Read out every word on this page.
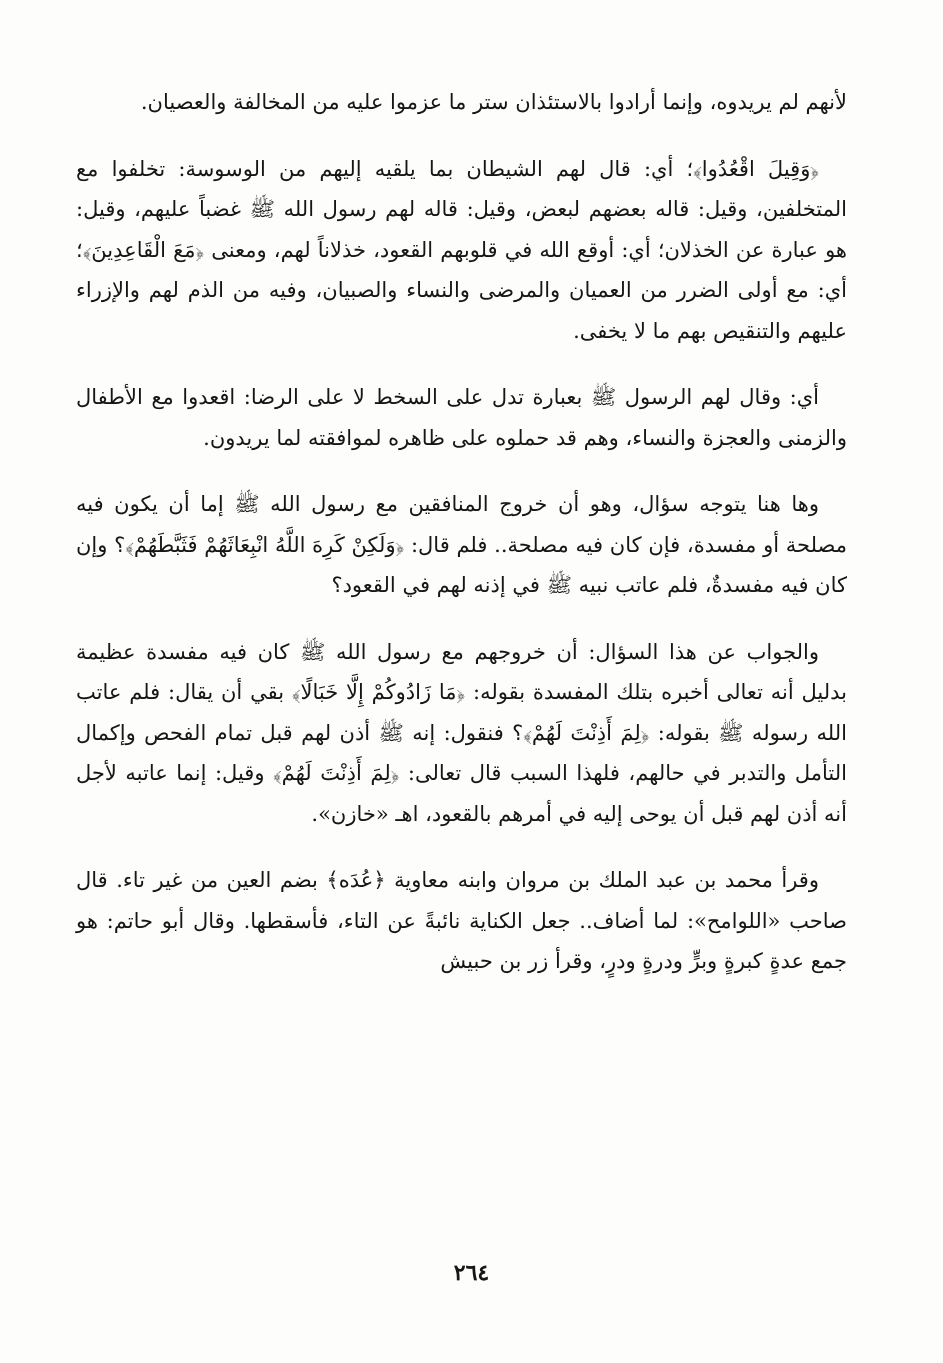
لأنهم لم يريدوه، وإنما أرادوا بالاستئذان ستر ما عزموا عليه من المخالفة والعصيان.

﴿وَقِيلَ اقْعُدُوا﴾؛ أي: قال لهم الشيطان بما يلقيه إليهم من الوسوسة: تخلفوا مع المتخلفين، وقيل: قاله بعضهم لبعض، وقيل: قاله لهم رسول الله ﷺ غضباً عليهم، وقيل: هو عبارة عن الخذلان؛ أي: أوقع الله في قلوبهم القعود، خذلاناً لهم، ومعنى ﴿مَعَ الْقَاعِدِينَ﴾؛ أي: مع أولى الضرر من العميان والمرضى والنساء والصبيان، وفيه من الذم لهم والإزراء عليهم والتنقيص بهم ما لا يخفى.

أي: وقال لهم الرسول ﷺ بعبارة تدل على السخط لا على الرضا: اقعدوا مع الأطفال والزمنى والعجزة والنساء، وهم قد حملوه على ظاهره لموافقته لما يريدون.

وها هنا يتوجه سؤال، وهو أن خروج المنافقين مع رسول الله ﷺ إما أن يكون فيه مصلحة أو مفسدة، فإن كان فيه مصلحة.. فلم قال: ﴿وَلَكِنْ كَرِهَ اللَّهُ انْبِعَاثَهُمْ فَثَبَّطَهُمْ﴾؟ وإن كان فيه مفسدةٌ، فلم عاتب نبيه ﷺ في إذنه لهم في القعود؟

والجواب عن هذا السؤال: أن خروجهم مع رسول الله ﷺ كان فيه مفسدة عظيمة بدليل أنه تعالى أخبره بتلك المفسدة بقوله: ﴿مَا زَادُوكُمْ إِلَّا خَبَالًا﴾ بقي أن يقال: فلم عاتب الله رسوله ﷺ بقوله: ﴿لِمَ أَذِنْتَ لَهُمْ﴾؟ فنقول: إنه ﷺ أذن لهم قبل تمام الفحص وإكمال التأمل والتدبر في حالهم، فلهذا السبب قال تعالى: ﴿لِمَ أَذِنْتَ لَهُمْ﴾ وقيل: إنما عاتبه لأجل أنه أذن لهم قبل أن يوحى إليه في أمرهم بالقعود، اهـ «خازن».

وقرأ محمد بن عبد الملك بن مروان وابنه معاوية ﴿عُدَه﴾ بضم العين من غير تاء. قال صاحب «اللوامح»: لما أضاف.. جعل الكناية نائبةً عن التاء، فأسقطها. وقال أبو حاتم: هو جمع عدةٍ كبرةٍ وبرٍّ ودرةٍ ودرٍ، وقرأ زر بن حبيش

٢٦٤
